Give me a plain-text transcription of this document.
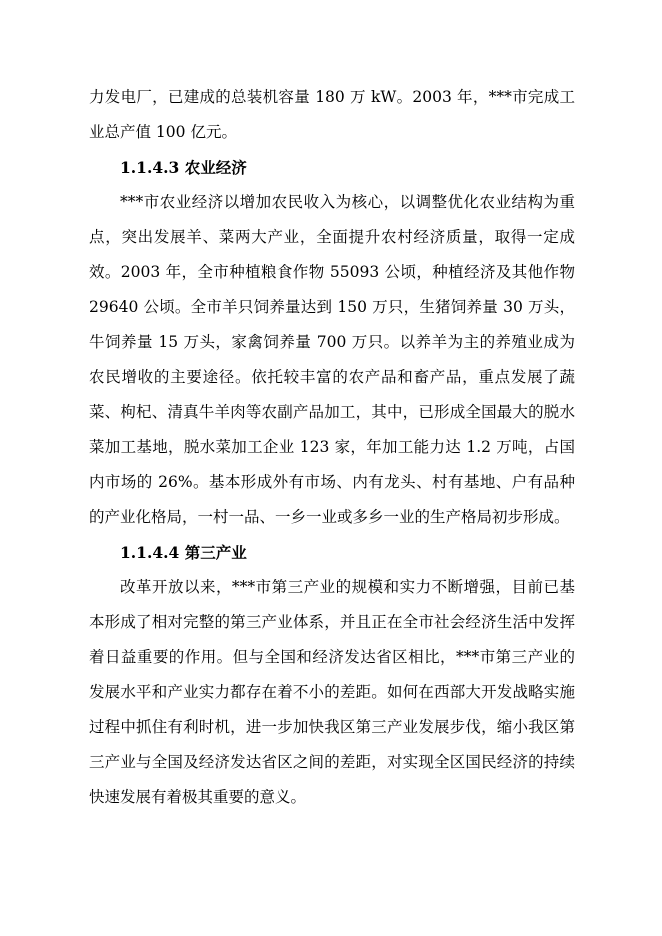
力发电厂，已建成的总装机容量 180 万 kW。2003 年，***市完成工业总产值 100 亿元。

1.1.4.3 农业经济

***市农业经济以增加农民收入为核心，以调整优化农业结构为重点，突出发展羊、菜两大产业，全面提升农村经济质量，取得一定成效。2003 年，全市种植粮食作物 55093 公顷，种植经济及其他作物 29640 公顷。全市羊只饲养量达到 150 万只，生猪饲养量 30 万头，牛饲养量 15 万头，家禽饲养量 700 万只。以养羊为主的养殖业成为农民增收的主要途径。依托较丰富的农产品和畜产品，重点发展了蔬菜、枸杞、清真牛羊肉等农副产品加工，其中，已形成全国最大的脱水菜加工基地，脱水菜加工企业 123 家，年加工能力达 1.2 万吨，占国内市场的 26%。基本形成外有市场、内有龙头、村有基地、户有品种的产业化格局，一村一品、一乡一业或多乡一业的生产格局初步形成。

1.1.4.4 第三产业

改革开放以来，***市第三产业的规模和实力不断增强，目前已基本形成了相对完整的第三产业体系，并且正在全市社会经济生活中发挥着日益重要的作用。但与全国和经济发达省区相比，***市第三产业的发展水平和产业实力都存在着不小的差距。如何在西部大开发战略实施过程中抓住有利时机，进一步加快我区第三产业发展步伐，缩小我区第三产业与全国及经济发达省区之间的差距，对实现全区国民经济的持续快速发展有着极其重要的意义。
